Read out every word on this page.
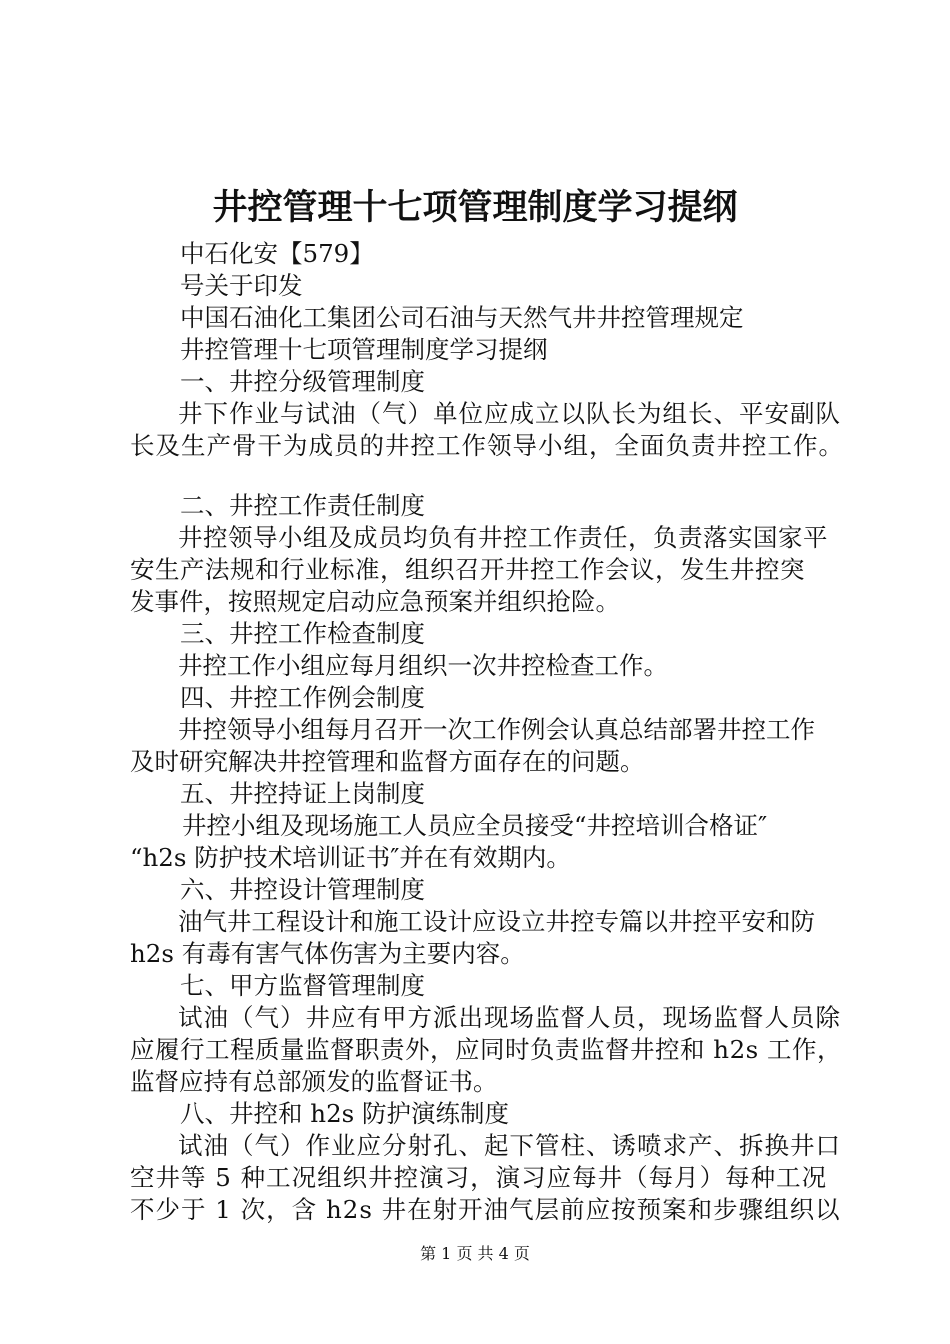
井控管理十七项管理制度学习提纲
中石化安【579】
号关于印发
中国石油化工集团公司石油与天然气井井控管理规定
井控管理十七项管理制度学习提纲
一、井控分级管理制度
井下作业与试油（气）单位应成立以队长为组长、平安副队
长及生产骨干为成员的井控工作领导小组，全面负责井控工作。
二、井控工作责任制度
井控领导小组及成员均负有井控工作责任，负责落实国家平
安生产法规和行业标准，组织召开井控工作会议，发生井控突
发事件，按照规定启动应急预案并组织抢险。
三、井控工作检查制度
井控工作小组应每月组织一次井控检查工作。
四、井控工作例会制度
井控领导小组每月召开一次工作例会认真总结部署井控工作
及时研究解决井控管理和监督方面存在的问题。
五、井控持证上岗制度
井控小组及现场施工人员应全员接受“井控培训合格证″
“h2s 防护技术培训证书″并在有效期内。
六、井控设计管理制度
油气井工程设计和施工设计应设立井控专篇以井控平安和防
h2s 有毒有害气体伤害为主要内容。
七、甲方监督管理制度
试油（气）井应有甲方派出现场监督人员，现场监督人员除
应履行工程质量监督职责外，应同时负责监督井控和 h2s 工作，
监督应持有总部颁发的监督证书。
八、井控和 h2s 防护演练制度
试油（气）作业应分射孔、起下管柱、诱喷求产、拆换井口
空井等 5 种工况组织井控演习，演习应每井（每月）每种工况
不少于 1 次，含 h2s 井在射开油气层前应按预案和步骤组织以
第 1 页 共 4 页
